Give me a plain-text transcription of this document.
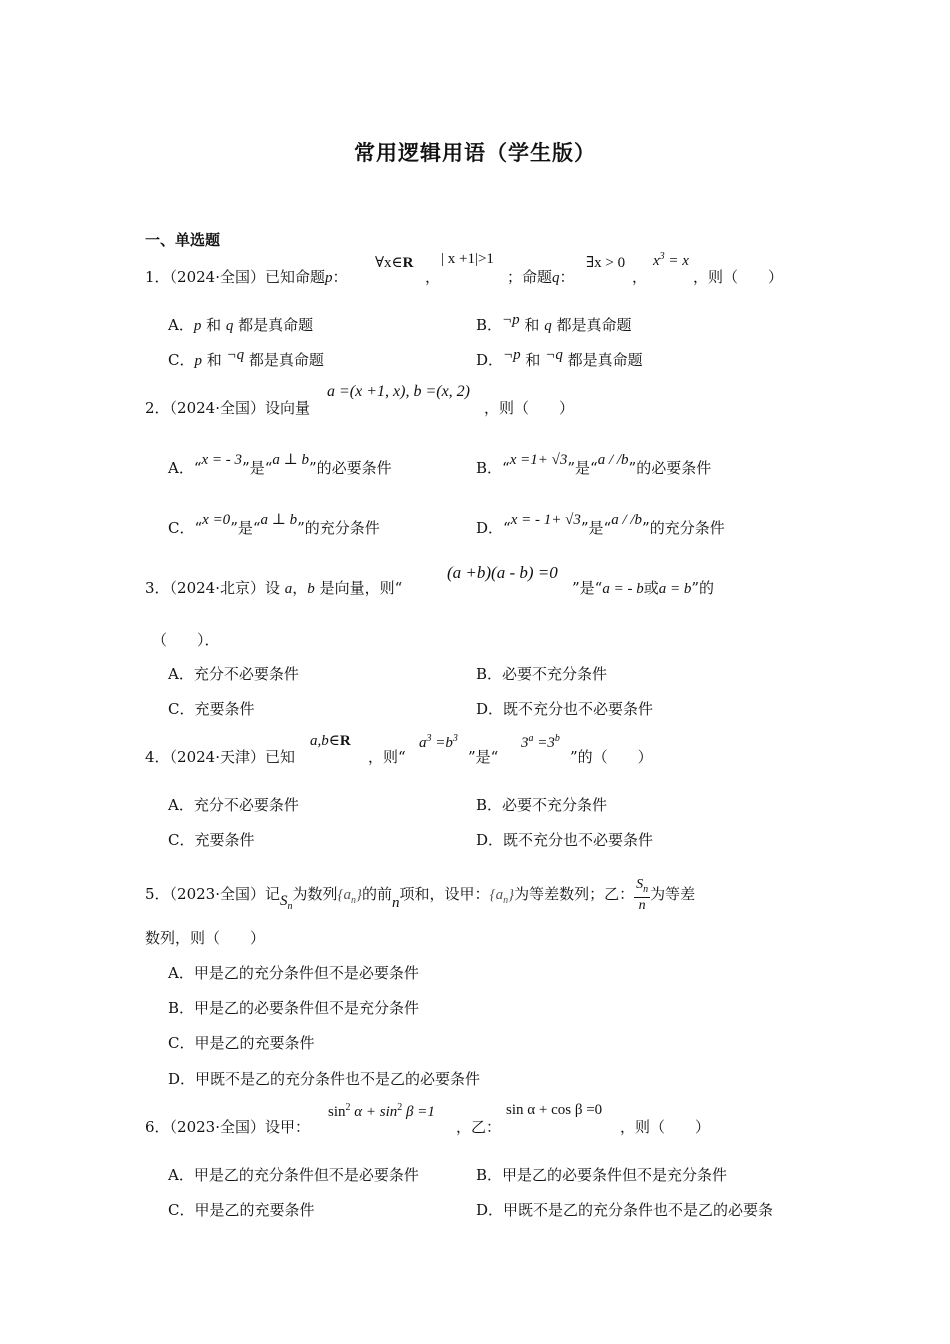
常用逻辑用语（学生版）
一、单选题
1．（2024·全国）已知命题p：
∀x∈R
，
| x +1|>1
；命题q：
∃x > 0
，
$x^3 = x$
，则（　　）
A．p 和 q 都是真命题	B．¬p 和 q 都是真命题
C．p 和 ¬q 都是真命题	D．¬p 和 ¬q 都是真命题
2．（2024·全国）设向量
a =(x +1, x), b =(x, 2)
，则（　　）
A．“x = - 3”是“a ⊥ b”的必要条件	B．“x =1+ √3”是“a / /b”的必要条件
C．“x =0”是“a ⊥ b”的充分条件	D．“x = - 1+ √3”是“a / /b”的充分条件
3．（2024·北京）设 a，b 是向量，则“
(a +b)(a - b) =0
”是“a = - b或a = b”的
（　　）．
A．充分不必要条件	B．必要不充分条件
C．充要条件	D．既不充分也不必要条件
4．（2024·天津）已知
a,b∈R
，则“
$a^3 =b^3$
”是“
$3^a =3^b$
”的（　　）
A．充分不必要条件	B．必要不充分条件
C．充要条件	D．既不充分也不必要条件
5．（2023·全国）记$S_n$为数列$\{a_n\}$的前n项和，设甲：$\{a_n\}$为等差数列；乙： $\frac{S_n}{n}$ 为等差
数列，则（　　）
A．甲是乙的充分条件但不是必要条件
B．甲是乙的必要条件但不是充分条件
C．甲是乙的充要条件
D．甲既不是乙的充分条件也不是乙的必要条件
6．（2023·全国）设甲：
$\sin^2 \alpha + \sin^2 \beta =1$
，乙：
sin α + cos β =0
，则（　　）
A．甲是乙的充分条件但不是必要条件	B．甲是乙的必要条件但不是充分条件
C．甲是乙的充要条件	D．甲既不是乙的充分条件也不是乙的必要条
